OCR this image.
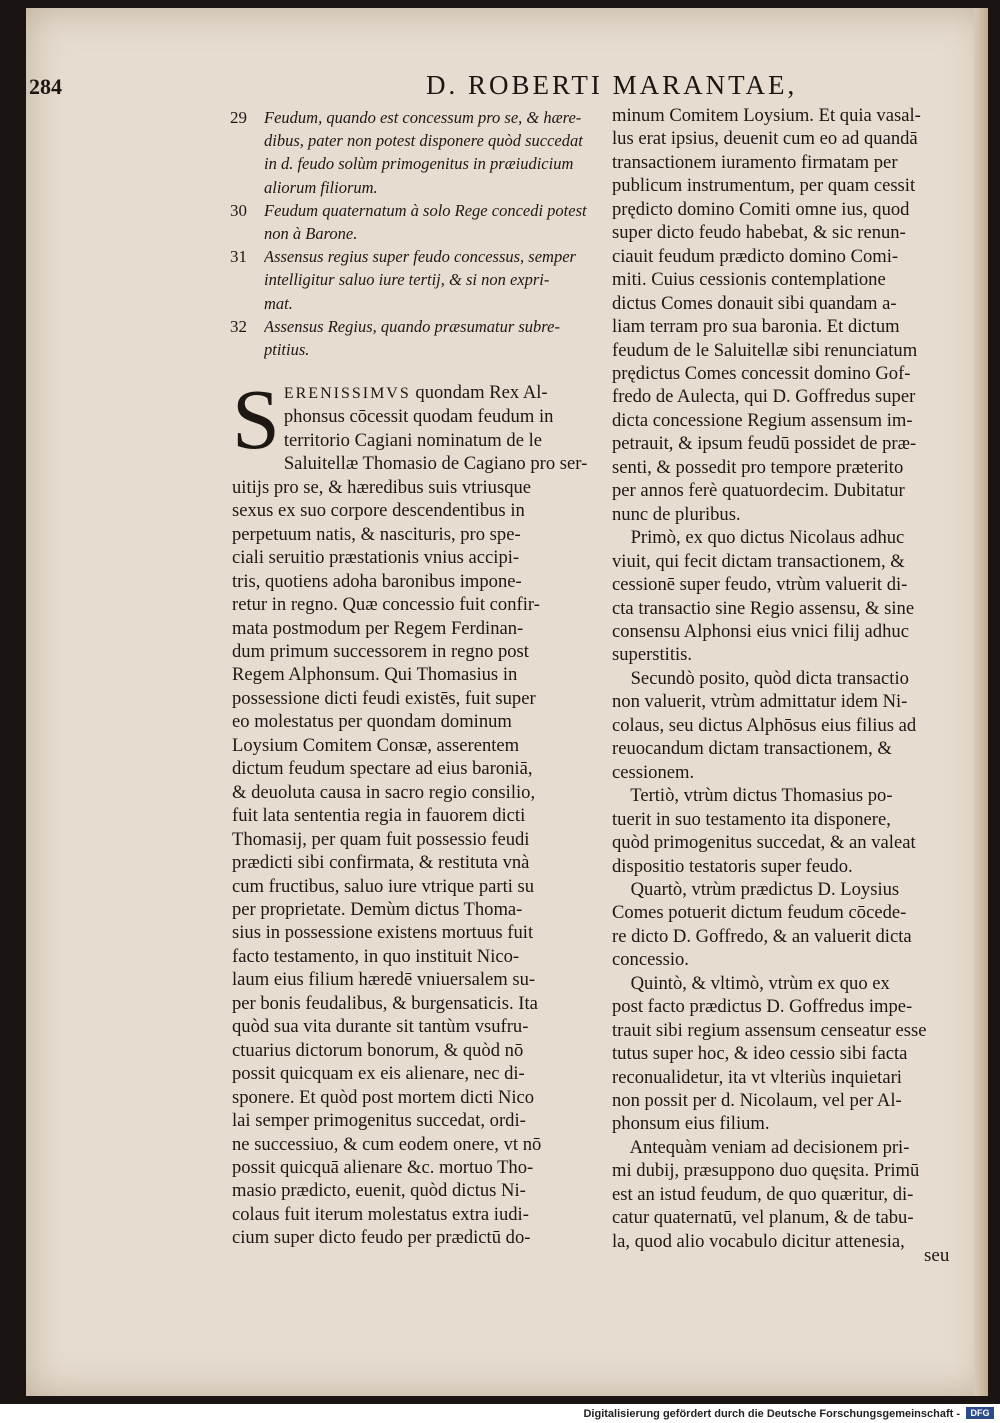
284	D. ROBERTI MARANTAE,
29 Feudum, quando est concessum pro se, & hære-
dibus, pater non potest disponere quòd succedat
in d. feudo solùm primogenitus in præiudicium
aliorum filiorum.
30 Feudum quaternatum à solo Rege concedi potest
non à Barone.
31 Assensus regius super feudo concessus, semper
intelligitur saluo iure tertij, & si non expri-
mat.
32 Assensus Regius, quando præsumatur subre-
ptitius.
S ERENISSIMVS quondam Rex Al-
phonsus cōcessit quodam feudum in
territorio Cagiani nominatum de le
Saluitellæ Thomasio de Cagiano pro ser-
uitijs pro se, & hæredibus suis vtriusque
sexus ex suo corpore descendentibus in
perpetuum natis, & nascituris, pro spe-
ciali seruitio præstationis vnius accipi-
tris, quotiens adoha baronibus impone-
retur in regno. Quæ concessio fuit confir-
mata postmodum per Regem Ferdinan-
dum primum successorem in regno post
Regem Alphonsum. Qui Thomasius in
possessione dicti feudi existēs, fuit super
eo molestatus per quondam dominum
Loysium Comitem Consæ, asserentem
dictum feudum spectare ad eius baroniā,
& deuoluta causa in sacro regio consilio,
fuit lata sententia regia in fauorem dicti
Thomasij, per quam fuit possessio feudi
prædicti sibi confirmata, & restituta vnà
cum fructibus, saluo iure vtrique parti su
per proprietate. Demùm dictus Thoma-
sius in possessione existens mortuus fuit
facto testamento, in quo instituit Nico-
laum eius filium hæredē vniuersalem su-
per bonis feudalibus, & burgensaticis. Ita
quòd sua vita durante sit tantùm vsufru-
ctuarius dictorum bonorum, & quòd nō
possit quicquam ex eis alienare, nec di-
sponere. Et quòd post mortem dicti Nico
lai semper primogenitus succedat, ordi-
ne successiuo, & cum eodem onere, vt nō
possit quicquā alienare &c. mortuo Tho-
masio prædicto, euenit, quòd dictus Ni-
colaus fuit iterum molestatus extra iudi-
cium super dicto feudo per prædictū do-
minum Comitem Loysium. Et quia vasal-
lus erat ipsius, deuenit cum eo ad quandā
transactionem iuramento firmatam per
publicum instrumentum, per quam cessit
prędicto domino Comiti omne ius, quod
super dicto feudo habebat, & sic renun-
ciauit feudum prædicto domino Comi-
miti. Cuius cessionis contemplatione
dictus Comes donauit sibi quandam a-
liam terram pro sua baronia. Et dictum
feudum de le Saluitellæ sibi renunciatum
prędictus Comes concessit domino Gof-
fredo de Aulecta, qui D. Goffredus super
dicta concessione Regium assensum im-
petrauit, & ipsum feudū possidet de præ-
senti, & possedit pro tempore præterito
per annos ferè quatuordecim. Dubitatur
nunc de pluribus.
Primò, ex quo dictus Nicolaus adhuc
viuit, qui fecit dictam transactionem, &
cessionē super feudo, vtrùm valuerit di-
cta transactio sine Regio assensu, & sine
consensu Alphonsi eius vnici filij adhuc
superstitis.
Secundò posito, quòd dicta transactio
non valuerit, vtrùm admittatur idem Ni-
colaus, seu dictus Alphōsus eius filius ad
reuocandum dictam transactionem, &
cessionem.
Tertiò, vtrùm dictus Thomasius po-
tuerit in suo testamento ita disponere,
quòd primogenitus succedat, & an valeat
dispositio testatoris super feudo.
Quartò, vtrùm prædictus D. Loysius
Comes potuerit dictum feudum cōcede-
re dicto D. Goffredo, & an valuerit dicta
concessio.
Quintò, & vltimò, vtrùm ex quo ex
post facto prædictus D. Goffredus impe-
trauit sibi regium assensum censeatur esse
tutus super hoc, & ideo cessio sibi facta
reconualidetur, ita vt vlteriùs inquietari
non possit per d. Nicolaum, vel per Al-
phonsum eius filium.
Antequàm veniam ad decisionem pri-
mi dubij, præsuppono duo quęsita. Primū
est an istud feudum, de quo quæritur, di-
catur quaternatū, vel planum, & de tabu-
la, quod alio vocabulo dicitur attenesia,
seu
Digitalisierung gefördert durch die Deutsche Forschungsgemeinschaft -	DFG
